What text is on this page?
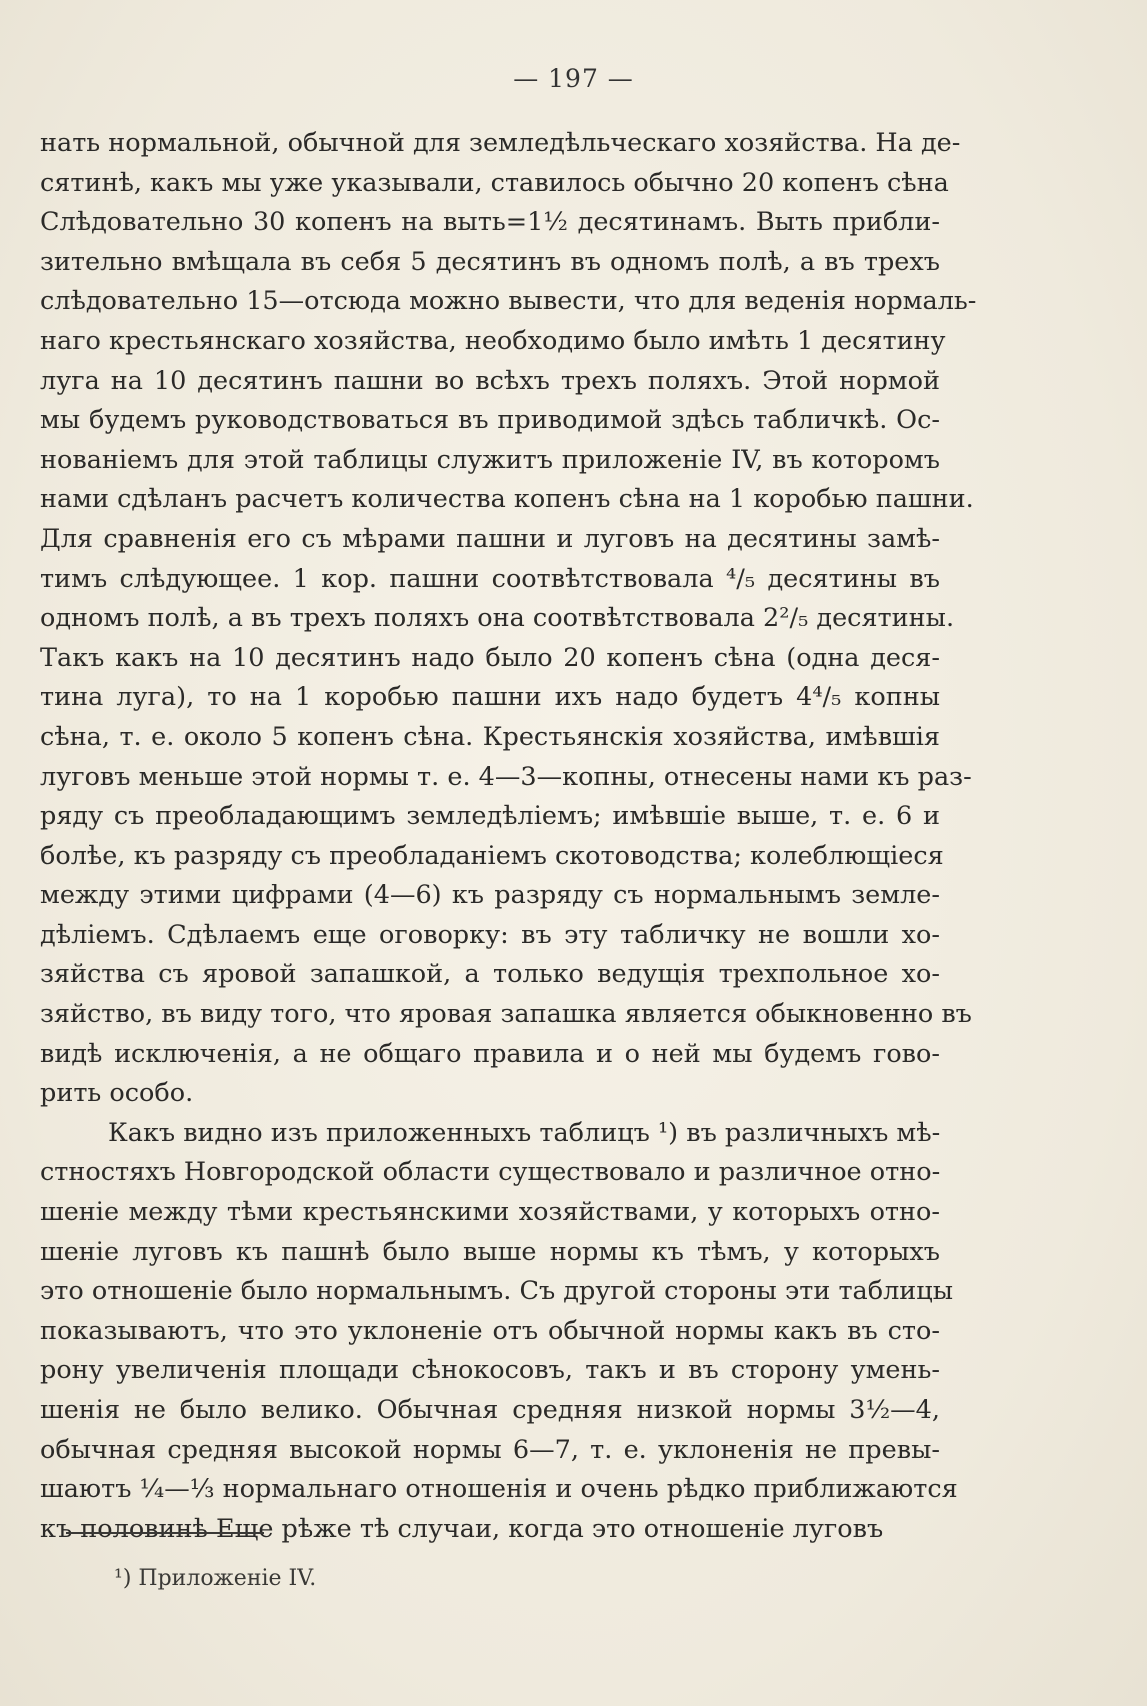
— 197 —
нать нормальной, обычной для земледѣльческаго хозяйства. На де-
сятинѣ, какъ мы уже указывали, ставилось обычно 20 копенъ сѣна
Слѣдовательно 30 копенъ на выть=1½ десятинамъ. Выть прибли-
зительно вмѣщала въ себя 5 десятинъ въ одномъ полѣ, а въ трехъ
слѣдовательно 15—отсюда можно вывести, что для веденія нормаль-
наго крестьянскаго хозяйства, необходимо было имѣть 1 десятину
луга на 10 десятинъ пашни во всѣхъ трехъ поляхъ. Этой нормой
мы будемъ руководствоваться въ приводимой здѣсь табличкѣ. Ос-
нованіемъ для этой таблицы служитъ приложеніе IV, въ которомъ
нами сдѣланъ расчетъ количества копенъ сѣна на 1 коробью пашни.
Для сравненія его съ мѣрами пашни и луговъ на десятины замѣ-
тимъ слѣдующее. 1 кор. пашни соотвѣтствовала ⁴/₅ десятины въ
одномъ полѣ, а въ трехъ поляхъ она соотвѣтствовала 2²/₅ десятины.
Такъ какъ на 10 десятинъ надо было 20 копенъ сѣна (одна деся-
тина луга), то на 1 коробью пашни ихъ надо будетъ 4⁴/₅ копны
сѣна, т. е. около 5 копенъ сѣна. Крестьянскія хозяйства, имѣвшія
луговъ меньше этой нормы т. е. 4—3—копны, отнесены нами къ раз-
ряду съ преобладающимъ земледѣліемъ; имѣвшіе выше, т. е. 6 и
болѣе, къ разряду съ преобладаніемъ скотоводства; колеблющіеся
между этими цифрами (4—6) къ разряду съ нормальнымъ земле-
дѣліемъ. Сдѣлаемъ еще оговорку: въ эту табличку не вошли хо-
зяйства съ яровой запашкой, а только ведущія трехпольное хо-
зяйство, въ виду того, что яровая запашка является обыкновенно въ
видѣ исключенія, а не общаго правила и о ней мы будемъ гово-
рить особо.
Какъ видно изъ приложенныхъ таблицъ ¹) въ различныхъ мѣ-
стностяхъ Новгородской области существовало и различное отно-
шеніе между тѣми крестьянскими хозяйствами, у которыхъ отно-
шеніе луговъ къ пашнѣ было выше нормы къ тѣмъ, у которыхъ
это отношеніе было нормальнымъ. Съ другой стороны эти таблицы
показываютъ, что это уклоненіе отъ обычной нормы какъ въ сто-
рону увеличенія площади сѣнокосовъ, такъ и въ сторону умень-
шенія не было велико. Обычная средняя низкой нормы 3½—4,
обычная средняя высокой нормы 6—7, т. е. уклоненія не превы-
шаютъ ¼—⅓ нормальнаго отношенія и очень рѣдко приближаются
къ половинѣ Еще рѣже тѣ случаи, когда это отношеніе луговъ
¹) Приложеніе IV.
